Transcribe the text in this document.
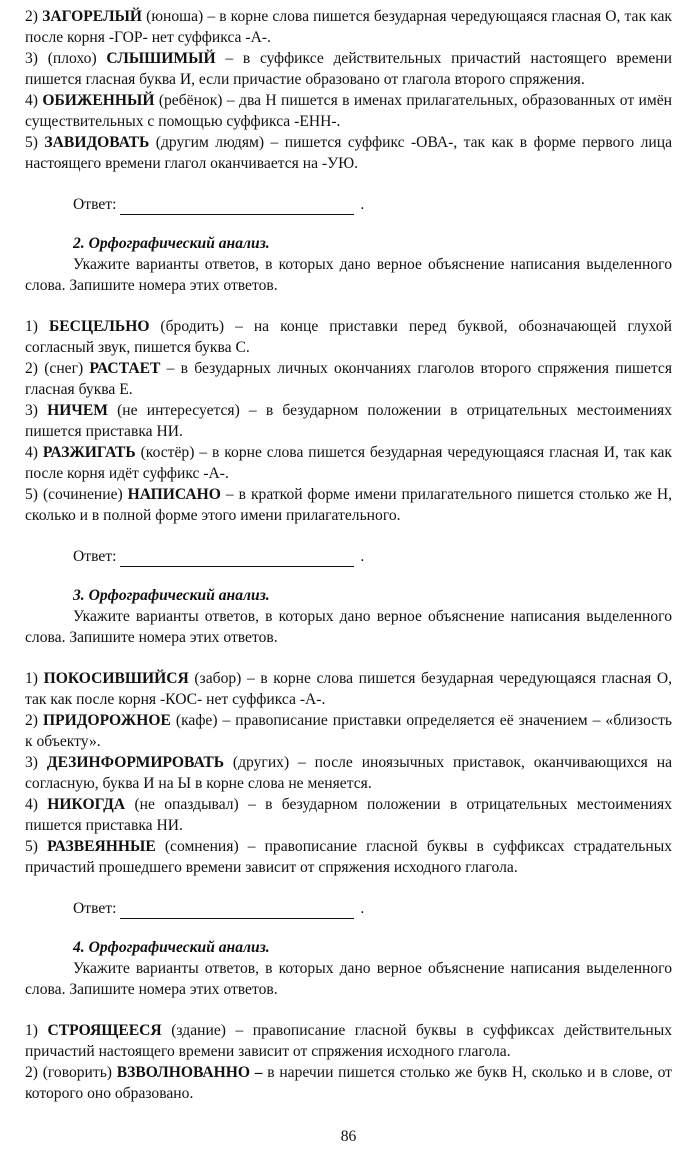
2) ЗАГОРЕЛЫЙ (юноша) – в корне слова пишется безударная чередующаяся гласная О, так как после корня -ГОР- нет суффикса -А-.

3) (плохо) СЛЫШИМЫЙ – в суффиксе действительных причастий настоящего времени пишется гласная буква И, если причастие образовано от глагола второго спряжения.

4) ОБИЖЕННЫЙ (ребёнок) – два Н пишется в именах прилагательных, образованных от имён существительных с помощью суффикса -ЕНН-.

5) ЗАВИДОВАТЬ (другим людям) – пишется суффикс -ОВА-, так как в форме первого лица настоящего времени глагол оканчивается на -УЮ.

Ответ:	.

2. Орфографический анализ.

Укажите варианты ответов, в которых дано верное объяснение написания выделенного слова. Запишите номера этих ответов.

1) БЕСЦЕЛЬНО (бродить) – на конце приставки перед буквой, обозначающей глухой согласный звук, пишется буква С.

2) (снег) РАСТАЕТ – в безударных личных окончаниях глаголов второго спряжения пишется гласная буква Е.

3) НИЧЕМ (не интересуется) – в безударном положении в отрицательных местоимениях пишется приставка НИ.

4) РАЗЖИГАТЬ (костёр) – в корне слова пишется безударная чередующаяся гласная И, так как после корня идёт суффикс -А-.

5) (сочинение) НАПИСАНО – в краткой форме имени прилагательного пишется столько же Н, сколько и в полной форме этого имени прилагательного.

Ответ:	.

3. Орфографический анализ.

Укажите варианты ответов, в которых дано верное объяснение написания выделенного слова. Запишите номера этих ответов.

1) ПОКОСИВШИЙСЯ (забор) – в корне слова пишется безударная чередующаяся гласная О, так как после корня -КОС- нет суффикса -А-.

2) ПРИДОРОЖНОЕ (кафе) – правописание приставки определяется её значением – «близость к объекту».

3) ДЕЗИНФОРМИРОВАТЬ (других) – после иноязычных приставок, оканчивающихся на согласную, буква И на Ы в корне слова не меняется.

4) НИКОГДА (не опаздывал) – в безударном положении в отрицательных местоимениях пишется приставка НИ.

5) РАЗВЕЯННЫЕ (сомнения) – правописание гласной буквы в суффиксах страдательных причастий прошедшего времени зависит от спряжения исходного глагола.

Ответ:	.

4. Орфографический анализ.

Укажите варианты ответов, в которых дано верное объяснение написания выделенного слова. Запишите номера этих ответов.

1) СТРОЯЩЕЕСЯ (здание) – правописание гласной буквы в суффиксах действительных причастий настоящего времени зависит от спряжения исходного глагола.

2) (говорить) ВЗВОЛНОВАННО – в наречии пишется столько же букв Н, сколько и в слове, от которого оно образовано.

86
